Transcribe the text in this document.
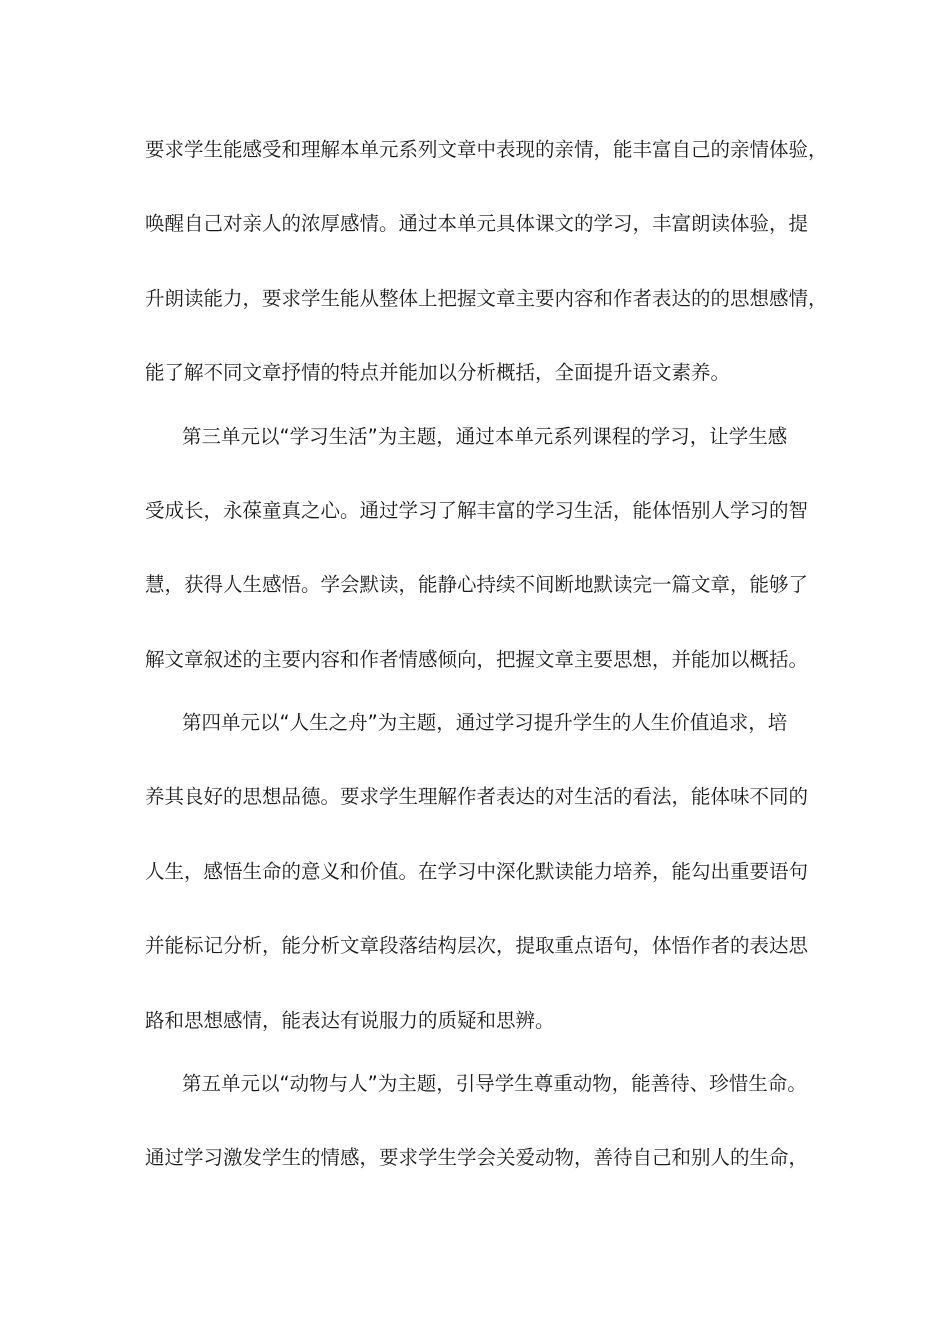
要求学生能感受和理解本单元系列文章中表现的亲情，能丰富自己的亲情体验，
唤醒自己对亲人的浓厚感情。通过本单元具体课文的学习，丰富朗读体验，提
升朗读能力，要求学生能从整体上把握文章主要内容和作者表达的的思想感情，
能了解不同文章抒情的特点并能加以分析概括，全面提升语文素养。
第三单元以“学习生活”为主题，通过本单元系列课程的学习，让学生感
受成长，永葆童真之心。通过学习了解丰富的学习生活，能体悟别人学习的智
慧，获得人生感悟。学会默读，能静心持续不间断地默读完一篇文章，能够了
解文章叙述的主要内容和作者情感倾向，把握文章主要思想，并能加以概括。
第四单元以“人生之舟”为主题，通过学习提升学生的人生价值追求，培
养其良好的思想品德。要求学生理解作者表达的对生活的看法，能体味不同的
人生，感悟生命的意义和价值。在学习中深化默读能力培养，能勾出重要语句
并能标记分析，能分析文章段落结构层次，提取重点语句，体悟作者的表达思
路和思想感情，能表达有说服力的质疑和思辨。
第五单元以“动物与人”为主题，引导学生尊重动物，能善待、珍惜生命。
通过学习激发学生的情感，要求学生学会关爱动物，善待自己和别人的生命，
